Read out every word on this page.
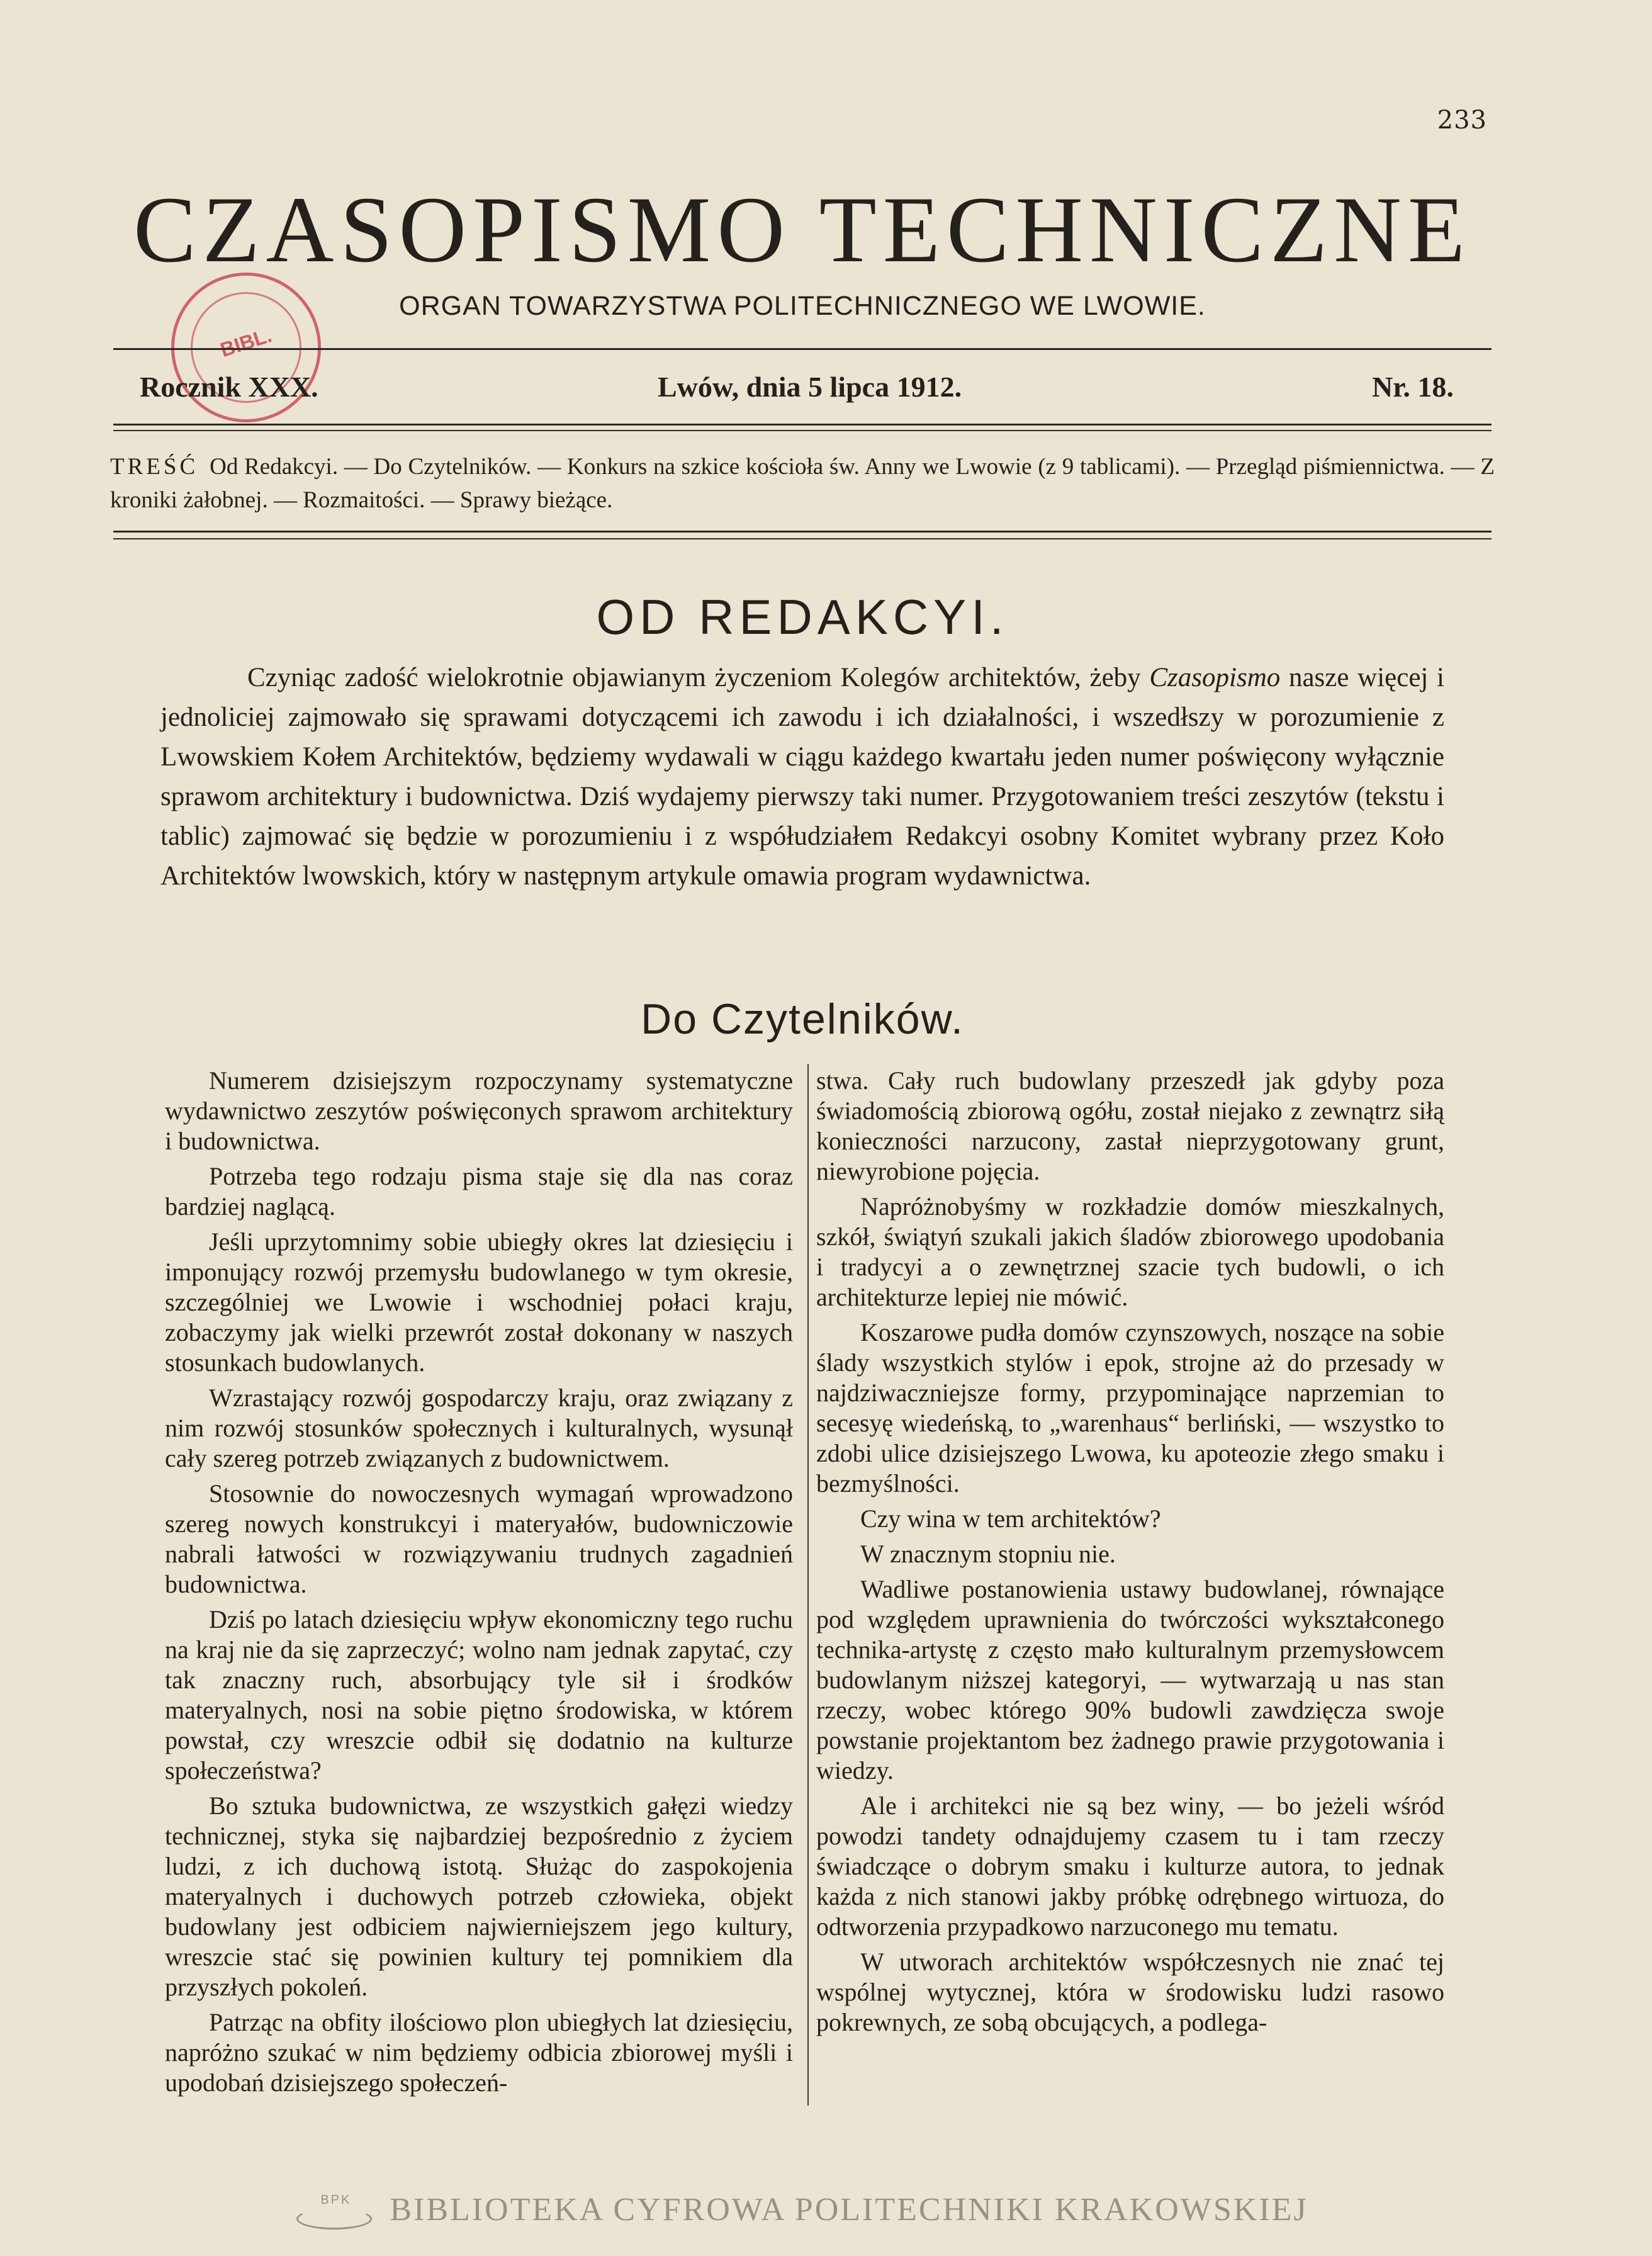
233
CZASOPISMO TECHNICZNE
ORGAN TOWARZYSTWA POLITECHNICZNEGO WE LWOWIE.
BIBL.
Rocznik XXX.	Lwów, dnia 5 lipca 1912.	Nr. 18.
TREŚĆ Od Redakcyi. — Do Czytelników. — Konkurs na szkice kościoła św. Anny we Lwowie (z 9 tablicami). — Przegląd piśmiennictwa. — Z kroniki żałobnej. — Rozmaitości. — Sprawy bieżące.
OD REDAKCYI.

Czyniąc zadość wielokrotnie objawianym życzeniom Kolegów architektów, żeby Czasopismo nasze więcej i jednoliciej zajmowało się sprawami dotyczącemi ich zawodu i ich działalności, i wszedłszy w porozumienie z Lwowskiem Kołem Architektów, będziemy wydawali w ciągu każdego kwartału jeden numer poświęcony wyłącznie sprawom architektury i budownictwa. Dziś wydajemy pierwszy taki numer. Przygotowaniem treści zeszytów (tekstu i tablic) zajmować się będzie w porozumieniu i z współudziałem Redakcyi osobny Komitet wybrany przez Koło Architektów lwowskich, który w następnym artykule omawia program wydawnictwa.

Do Czytelników.

Numerem dzisiejszym rozpoczynamy systematyczne wydawnictwo zeszytów poświęconych sprawom architektury i budownictwa.

Potrzeba tego rodzaju pisma staje się dla nas coraz bardziej naglącą.

Jeśli uprzytomnimy sobie ubiegły okres lat dziesięciu i imponujący rozwój przemysłu budowlanego w tym okresie, szczególniej we Lwowie i wschodniej połaci kraju, zobaczymy jak wielki przewrót został dokonany w naszych stosunkach budowlanych.

Wzrastający rozwój gospodarczy kraju, oraz związany z nim rozwój stosunków społecznych i kulturalnych, wysunął cały szereg potrzeb związanych z budownictwem.

Stosownie do nowoczesnych wymagań wprowadzono szereg nowych konstrukcyi i materyałów, budowniczowie nabrali łatwości w rozwiązywaniu trudnych zagadnień budownictwa.

Dziś po latach dziesięciu wpływ ekonomiczny tego ruchu na kraj nie da się zaprzeczyć; wolno nam jednak zapytać, czy tak znaczny ruch, absorbujący tyle sił i środków materyalnych, nosi na sobie piętno środowiska, w którem powstał, czy wreszcie odbił się dodatnio na kulturze społeczeństwa?

Bo sztuka budownictwa, ze wszystkich gałęzi wiedzy technicznej, styka się najbardziej bezpośrednio z życiem ludzi, z ich duchową istotą. Służąc do zaspokojenia materyalnych i duchowych potrzeb człowieka, objekt budowlany jest odbiciem najwierniejszem jego kultury, wreszcie stać się powinien kultury tej pomnikiem dla przyszłych pokoleń.

Patrząc na obfity ilościowo plon ubiegłych lat dziesięciu, napróżno szukać w nim będziemy odbicia zbiorowej myśli i upodobań dzisiejszego społeczeń-

stwa. Cały ruch budowlany przeszedł jak gdyby poza świadomością zbiorową ogółu, został niejako z zewnątrz siłą konieczności narzucony, zastał nieprzygotowany grunt, niewyrobione pojęcia.

Napróżnobyśmy w rozkładzie domów mieszkalnych, szkół, świątyń szukali jakich śladów zbiorowego upodobania i tradycyi a o zewnętrznej szacie tych budowli, o ich architekturze lepiej nie mówić.

Koszarowe pudła domów czynszowych, noszące na sobie ślady wszystkich stylów i epok, strojne aż do przesady w najdziwaczniejsze formy, przypominające naprzemian to secesyę wiedeńską, to „warenhaus“ berliński, — wszystko to zdobi ulice dzisiejszego Lwowa, ku apoteozie złego smaku i bezmyślności.

Czy wina w tem architektów?

W znacznym stopniu nie.

Wadliwe postanowienia ustawy budowlanej, równające pod względem uprawnienia do twórczości wykształconego technika-artystę z często mało kulturalnym przemysłowcem budowlanym niższej kategoryi, — wytwarzają u nas stan rzeczy, wobec którego 90% budowli zawdzięcza swoje powstanie projektantom bez żadnego prawie przygotowania i wiedzy.

Ale i architekci nie są bez winy, — bo jeżeli wśród powodzi tandety odnajdujemy czasem tu i tam rzeczy świadczące o dobrym smaku i kulturze autora, to jednak każda z nich stanowi jakby próbkę odrębnego wirtuoza, do odtworzenia przypadkowo narzuconego mu tematu.

W utworach architektów współczesnych nie znać tej wspólnej wytycznej, która w środowisku ludzi rasowo pokrewnych, ze sobą obcujących, a podlega-

BPK BIBLIOTEKA CYFROWA POLITECHNIKI KRAKOWSKIEJ
